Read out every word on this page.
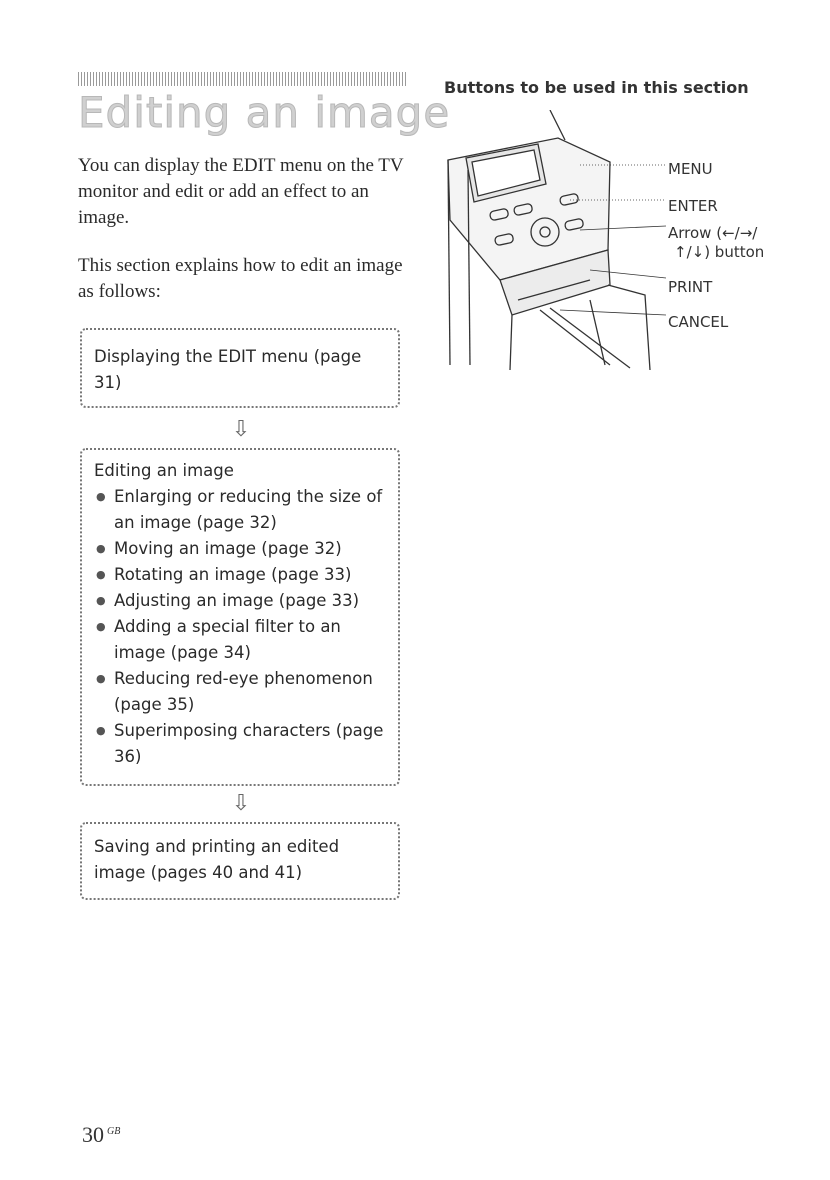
Editing an image

You can display the EDIT menu on the TV monitor and edit or add an effect to an image.

This section explains how to edit an image as follows:

Displaying the EDIT menu (page 31)
⇩
Editing an image
● Enlarging or reducing the size of an image (page 32)
● Moving an image (page 32)
● Rotating an image (page 33)
● Adjusting an image (page 33)
● Adding a special filter to an image (page 34)
● Reducing red-eye phenomenon (page 35)
● Superimposing characters (page 36)
⇩
Saving and printing an edited image (pages 40 and 41)
Buttons to be used in this section
MENU
ENTER
Arrow (←/→/
↑/↓) button
PRINT
CANCEL
30 $^{GB}$
